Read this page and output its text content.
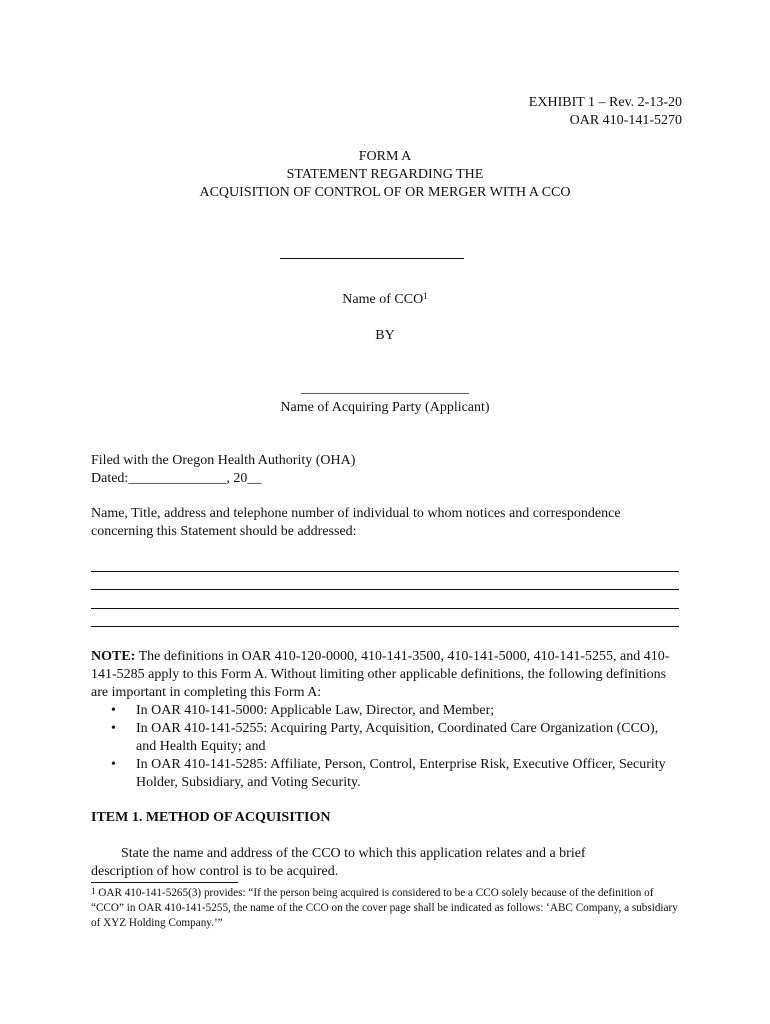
EXHIBIT 1 – Rev. 2-13-20
OAR 410-141-5270
FORM A
STATEMENT REGARDING THE
ACQUISITION OF CONTROL OF OR MERGER WITH A CCO
Name of CCO$^1$
BY
________________________
Name of Acquiring Party (Applicant)
Filed with the Oregon Health Authority (OHA)
Dated:______________, 20__
Name, Title, address and telephone number of individual to whom notices and correspondence concerning this Statement should be addressed:
NOTE: The definitions in OAR 410-120-0000, 410-141-3500, 410-141-5000, 410-141-5255, and 410-141-5285 apply to this Form A. Without limiting other applicable definitions, the following definitions are important in completing this Form A:
• In OAR 410-141-5000: Applicable Law, Director, and Member;
• In OAR 410-141-5255: Acquiring Party, Acquisition, Coordinated Care Organization (CCO), and Health Equity; and
• In OAR 410-141-5285: Affiliate, Person, Control, Enterprise Risk, Executive Officer, Security Holder, Subsidiary, and Voting Security.
ITEM 1. METHOD OF ACQUISITION
State the name and address of the CCO to which this application relates and a brief description of how control is to be acquired.
$^1$ OAR 410-141-5265(3) provides: “If the person being acquired is considered to be a CCO solely because of the definition of “CCO” in OAR 410-141-5255, the name of the CCO on the cover page shall be indicated as follows: ‘ABC Company, a subsidiary of XYZ Holding Company.’”
